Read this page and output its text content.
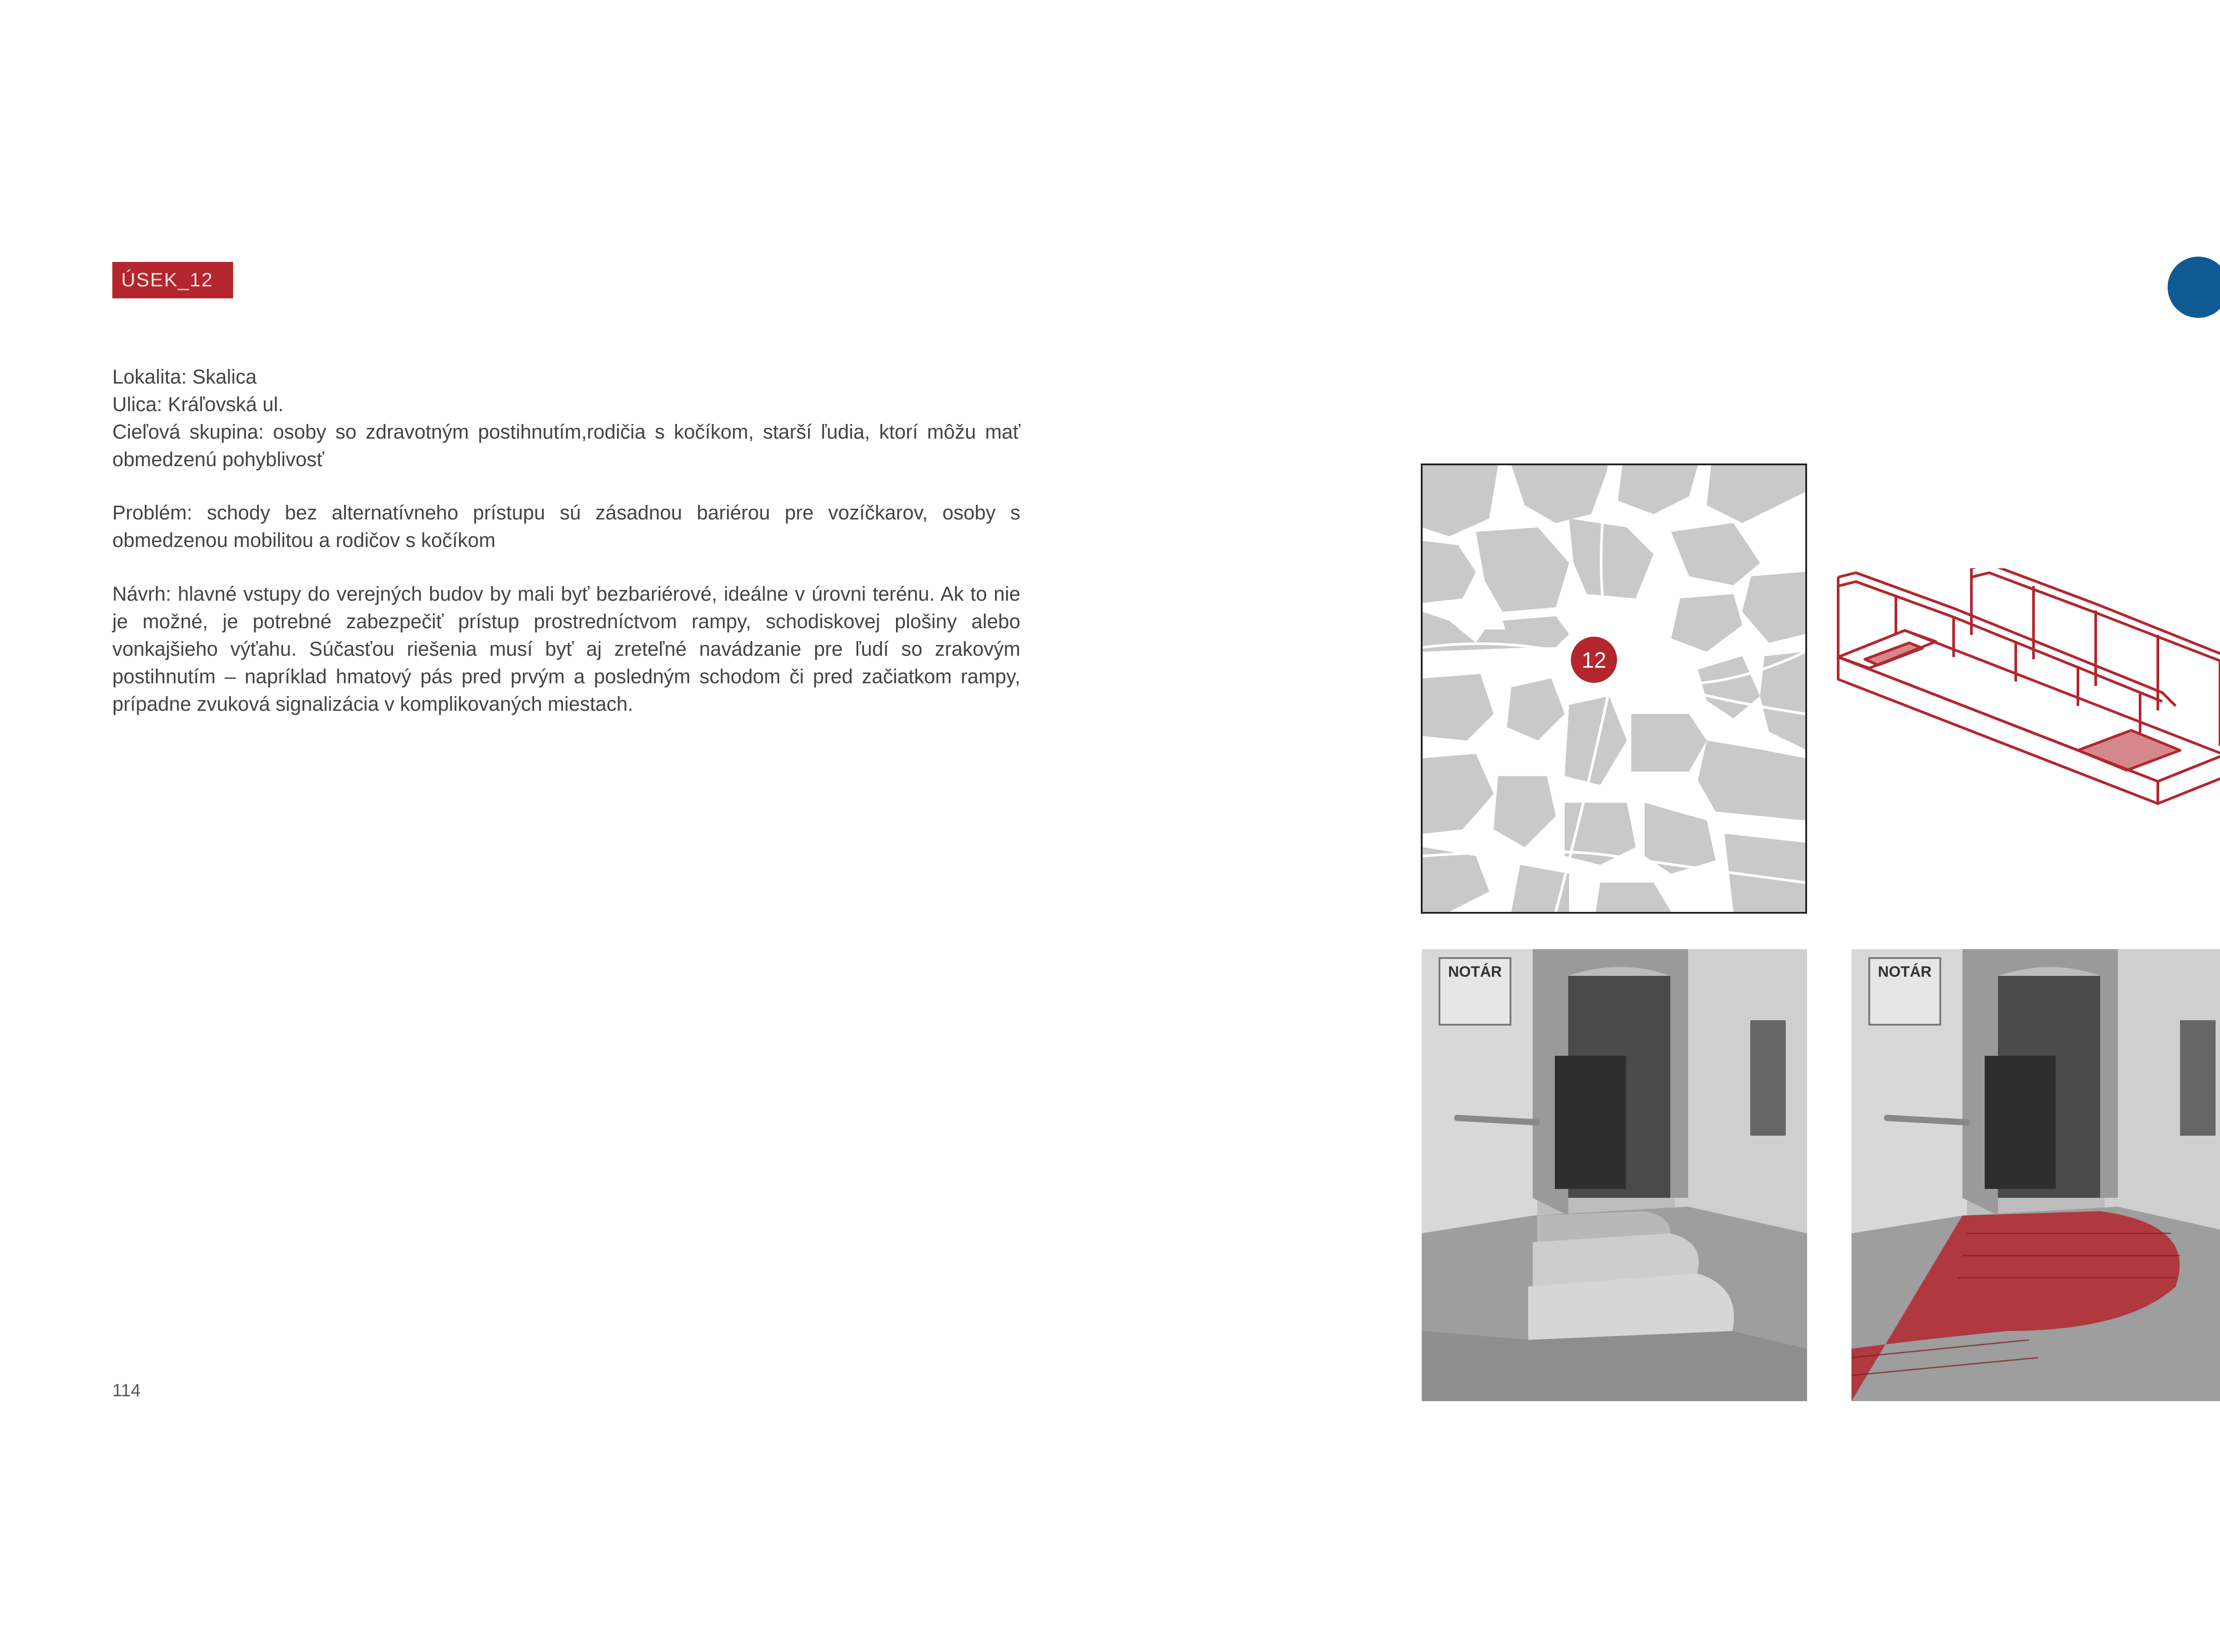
ÚSEK_12

Lokalita: Skalica

Ulica: Kráľovská ul.

Cieľová skupina: osoby so zdravotným postihnutím,rodičia s kočíkom, starší ľudia, ktorí môžu mať obmedzenú pohyblivosť

Problém: schody bez alternatívneho prístupu sú zásadnou bariérou pre vozíčkarov, osoby s obmedzenou mobilitou a rodičov s kočíkom
Návrh: hlavné vstupy do verejných budov by mali byť bezbariérové, ideálne v úrovni terénu. Ak to nie je možné, je potrebné zabezpečiť prístup prostredníctvom rampy, schodiskovej plošiny alebo vonkajšieho výťahu. Súčasťou riešenia musí byť aj zreteľné navádzanie pre ľudí so zrakovým postihnutím – napríklad hmatový pás pred prvým a posledným schodom či pred začiatkom rampy, prípadne zvuková signalizácia v komplikovaných miestach.
114
12
NOTÁR	NOTÁR
